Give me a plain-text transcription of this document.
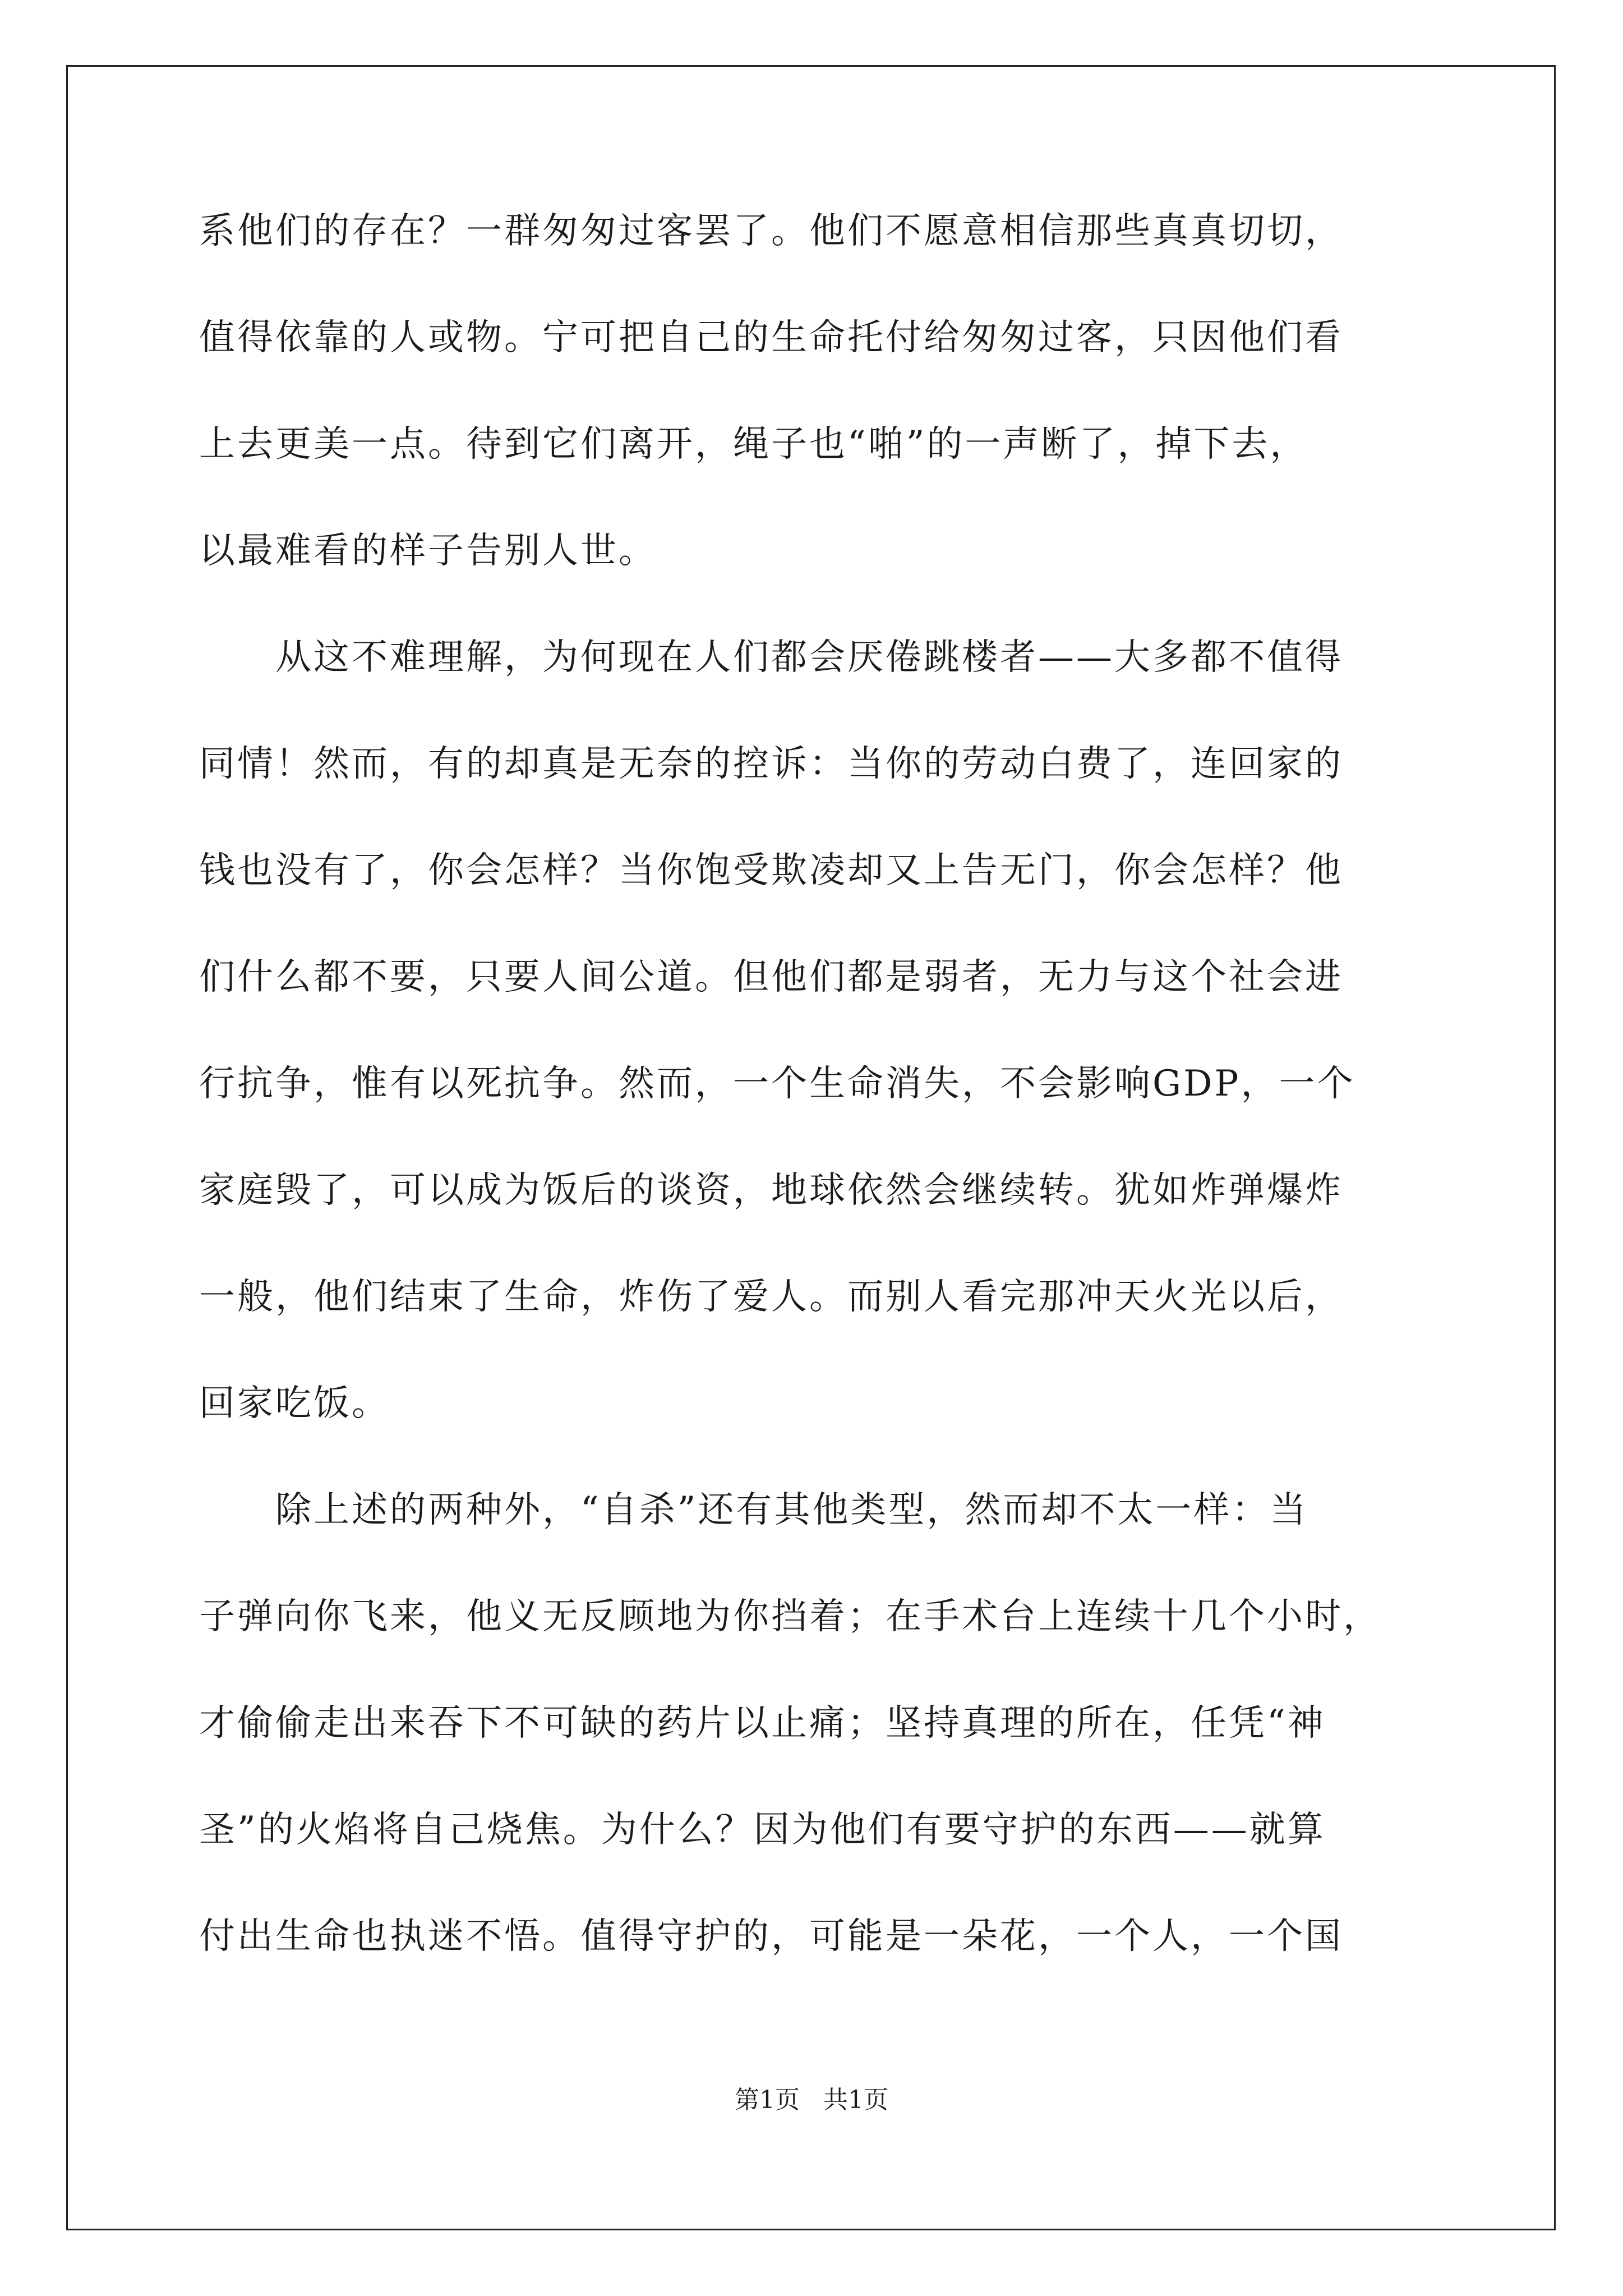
系他们的存在？一群匆匆过客罢了。他们不愿意相信那些真真切切，
值得依靠的人或物。宁可把自己的生命托付给匆匆过客，只因他们看
上去更美一点。待到它们离开，绳子也“啪”的一声断了，掉下去，
以最难看的样子告别人世。
　　从这不难理解，为何现在人们都会厌倦跳楼者——大多都不值得
同情！然而，有的却真是无奈的控诉：当你的劳动白费了，连回家的
钱也没有了，你会怎样？当你饱受欺凌却又上告无门，你会怎样？他
们什么都不要，只要人间公道。但他们都是弱者，无力与这个社会进
行抗争，惟有以死抗争。然而，一个生命消失，不会影响GDP，一个
家庭毁了，可以成为饭后的谈资，地球依然会继续转。犹如炸弹爆炸
一般，他们结束了生命，炸伤了爱人。而别人看完那冲天火光以后，
回家吃饭。
　　除上述的两种外，“自杀”还有其他类型，然而却不太一样：当
子弹向你飞来，他义无反顾地为你挡着；在手术台上连续十几个小时，
才偷偷走出来吞下不可缺的药片以止痛；坚持真理的所在，任凭“神
圣”的火焰将自己烧焦。为什么？因为他们有要守护的东西——就算
付出生命也执迷不悟。值得守护的，可能是一朵花，一个人，一个国
第1页 共1页
